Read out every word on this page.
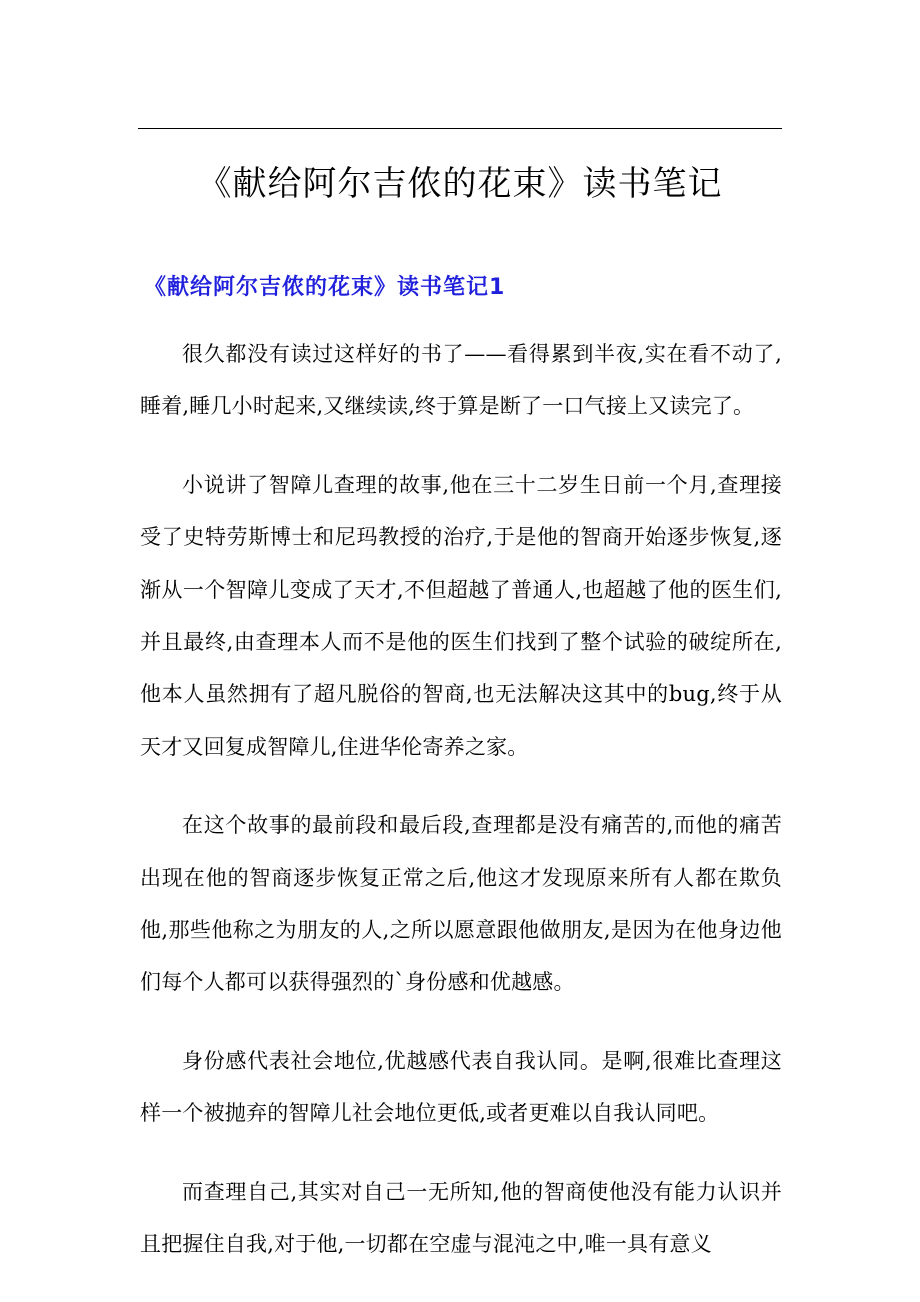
《献给阿尔吉侬的花束》读书笔记
《献给阿尔吉侬的花束》读书笔记1

很久都没有读过这样好的书了——看得累到半夜,实在看不动了,睡着,睡几小时起来,又继续读,终于算是断了一口气接上又读完了。

小说讲了智障儿查理的故事,他在三十二岁生日前一个月,查理接受了史特劳斯博士和尼玛教授的治疗,于是他的智商开始逐步恢复,逐渐从一个智障儿变成了天才,不但超越了普通人,也超越了他的医生们,并且最终,由查理本人而不是他的医生们找到了整个试验的破绽所在,他本人虽然拥有了超凡脱俗的智商,也无法解决这其中的bug,终于从天才又回复成智障儿,住进华伦寄养之家。

在这个故事的最前段和最后段,查理都是没有痛苦的,而他的痛苦出现在他的智商逐步恢复正常之后,他这才发现原来所有人都在欺负他,那些他称之为朋友的人,之所以愿意跟他做朋友,是因为在他身边他们每个人都可以获得强烈的`身份感和优越感。

身份感代表社会地位,优越感代表自我认同。是啊,很难比查理这样一个被抛弃的智障儿社会地位更低,或者更难以自我认同吧。

而查理自己,其实对自己一无所知,他的智商使他没有能力认识并且把握住自我,对于他,一切都在空虚与混沌之中,唯一具有意义
